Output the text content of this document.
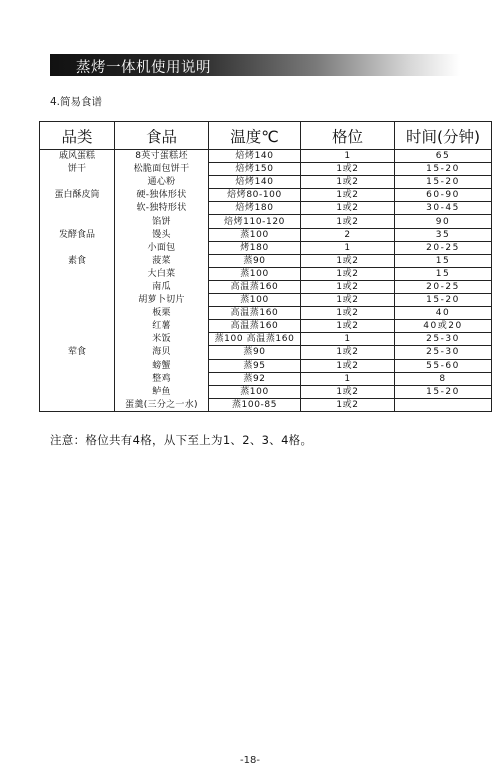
蒸烤一体机使用说明
4.简易食谱
品类	食品	温度℃	格位	时间(分钟)
戚风蛋糕	8英寸蛋糕坯	焙烤140	1	65
饼干	松脆面包饼干	焙烤150	1或2	15-20
	通心粉	焙烤140	1或2	15-20
蛋白酥皮筒	硬-独体形状	焙烤80-100	1或2	60-90
	软-独特形状	焙烤180	1或2	30-45
	馅饼	焙烤110-120	1或2	90
发酵食品	馒头	蒸100	2	35
	小面包	烤180	1	20-25
素食	菠菜	蒸90	1或2	15
	大白菜	蒸100	1或2	15
	南瓜	高温蒸160	1或2	20-25
	胡萝卜切片	蒸100	1或2	15-20
	板栗	高温蒸160	1或2	40
	红薯	高温蒸160	1或2	40或20
	米饭	蒸100 高温蒸160	1	25-30
荤食	海贝	蒸90	1或2	25-30
	螃蟹	蒸95	1或2	55-60
	整鸡	蒸92	1	8
	鲈鱼	蒸100	1或2	15-20
	蛋羹(三分之一水)	蒸100-85	1或2	
注意：格位共有4格，从下至上为1、2、3、4格。
-18-
